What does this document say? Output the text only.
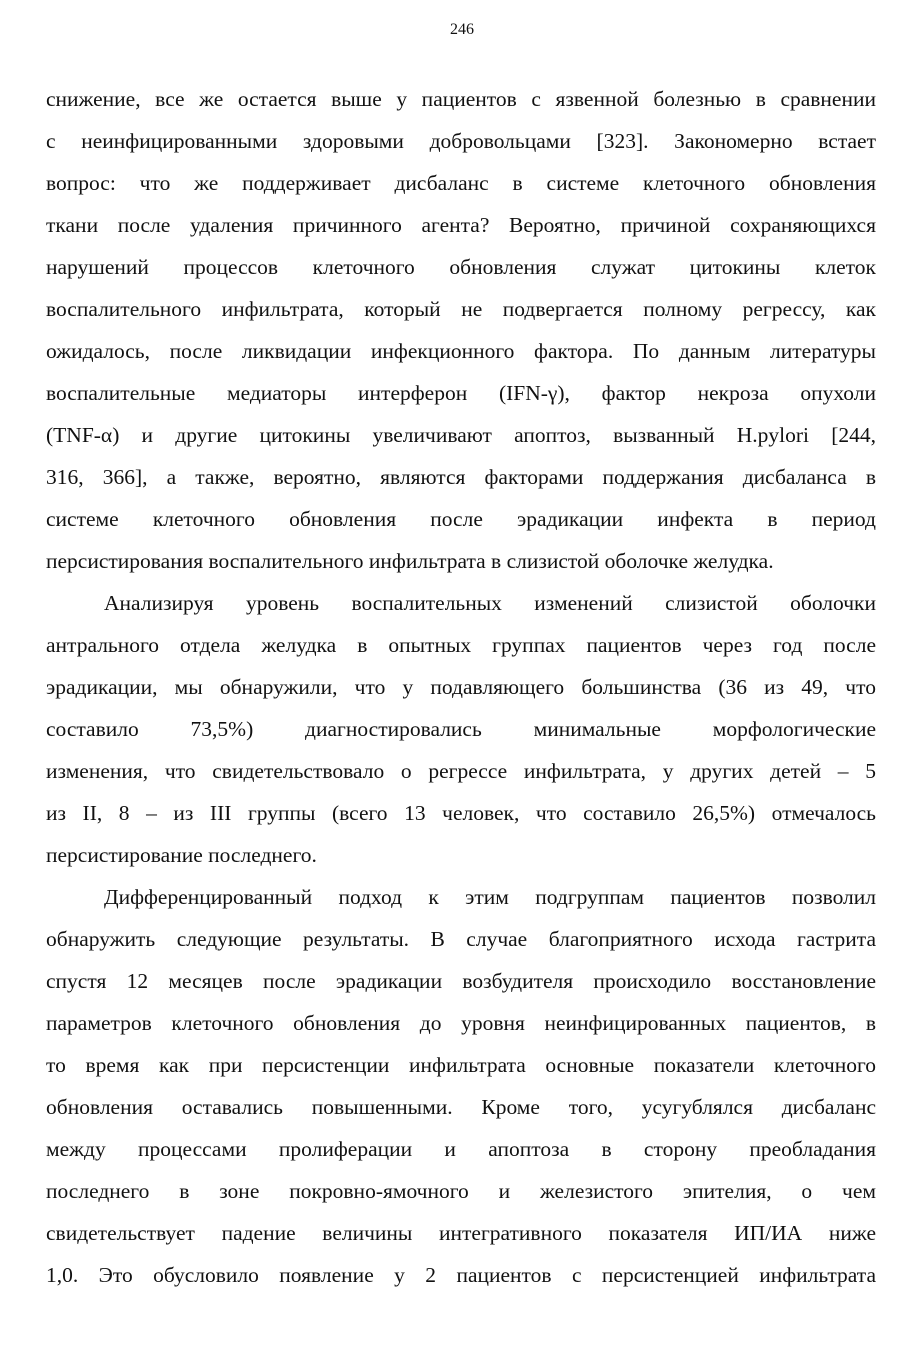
246
снижение, все же остается выше у пациентов с язвенной болезнью в сравнении
с неинфицированными здоровыми добровольцами [323]. Закономерно встает
вопрос: что же поддерживает дисбаланс в системе клеточного обновления
ткани после удаления причинного агента? Вероятно, причиной сохраняющихся
нарушений процессов клеточного обновления служат цитокины клеток
воспалительного инфильтрата, который не подвергается полному регрессу, как
ожидалось, после ликвидации инфекционного фактора. По данным литературы
воспалительные медиаторы интерферон (IFN-γ), фактор некроза опухоли
(TNF-α) и другие цитокины увеличивают апоптоз, вызванный H.pylori [244,
316, 366], а также, вероятно, являются факторами поддержания дисбаланса в
системе клеточного обновления после эрадикации инфекта в период
персистирования воспалительного инфильтрата в слизистой оболочке желудка.
Анализируя уровень воспалительных изменений слизистой оболочки
антрального отдела желудка в опытных группах пациентов через год после
эрадикации, мы обнаружили, что у подавляющего большинства (36 из 49, что
составило 73,5%) диагностировались минимальные морфологические
изменения, что свидетельствовало о регрессе инфильтрата, у других детей – 5
из II, 8 – из III группы (всего 13 человек, что составило 26,5%) отмечалось
персистирование последнего.
Дифференцированный подход к этим подгруппам пациентов позволил
обнаружить следующие результаты. В случае благоприятного исхода гастрита
спустя 12 месяцев после эрадикации возбудителя происходило восстановление
параметров клеточного обновления до уровня неинфицированных пациентов, в
то время как при персистенции инфильтрата основные показатели клеточного
обновления оставались повышенными. Кроме того, усугублялся дисбаланс
между процессами пролиферации и апоптоза в сторону преобладания
последнего в зоне покровно-ямочного и железистого эпителия, о чем
свидетельствует падение величины интегративного показателя ИП/ИА ниже
1,0. Это обусловило появление у 2 пациентов с персистенцией инфильтрата
